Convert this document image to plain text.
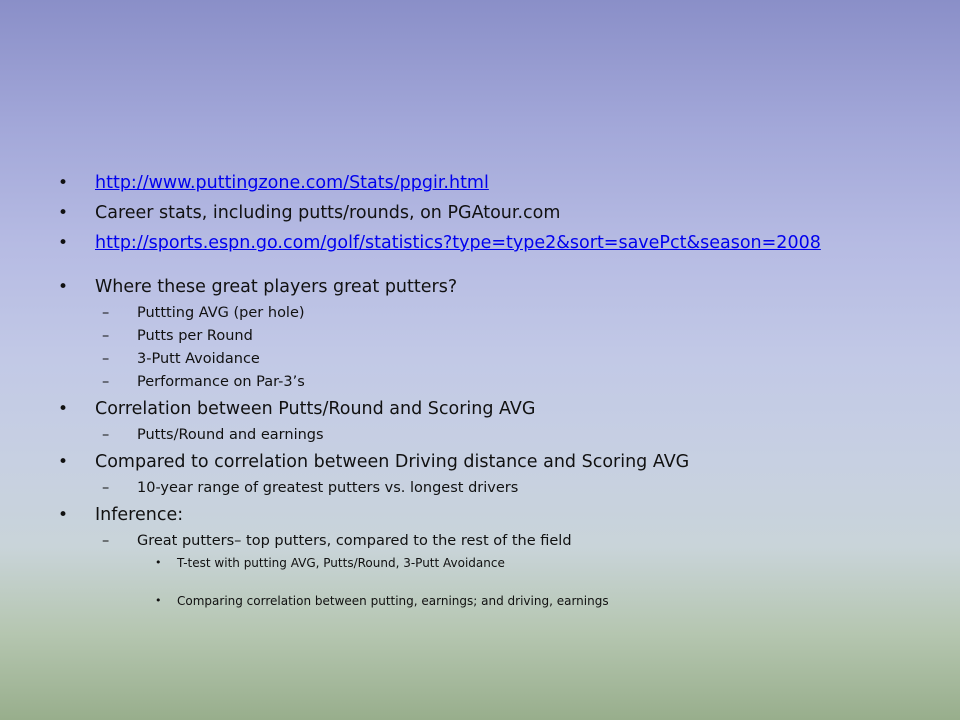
• http://www.puttingzone.com/Stats/ppgir.html
• Career stats, including putts/rounds, on PGAtour.com
• http://sports.espn.go.com/golf/statistics?type=type2&sort=savePct&season=2008
• Where these great players great putters?
– Puttting AVG (per hole)
– Putts per Round
– 3-Putt Avoidance
– Performance on Par-3’s
• Correlation between Putts/Round and Scoring AVG
– Putts/Round and earnings
• Compared to correlation between Driving distance and Scoring AVG
– 10-year range of greatest putters vs. longest drivers
• Inference:
– Great putters– top putters, compared to the rest of the field
• T-test with putting AVG, Putts/Round, 3-Putt Avoidance
• Comparing correlation between putting, earnings; and driving, earnings
